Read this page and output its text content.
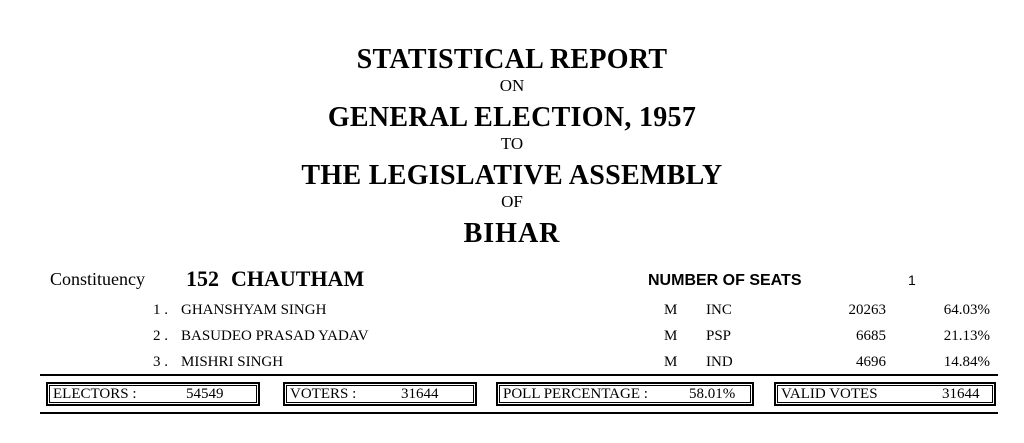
STATISTICAL REPORT
ON
GENERAL ELECTION, 1957
TO
THE LEGISLATIVE ASSEMBLY
OF
BIHAR
Constituency 152 CHAUTHAM	NUMBER OF SEATS	1
1 . GHANSHYAM SINGH	M INC	20263	64.03%
2 . BASUDEO PRASAD YADAV	M PSP	6685	21.13%
3 . MISHRI SINGH	M IND	4696	14.84%
ELECTORS :	54549	VOTERS :	31644	POLL PERCENTAGE :	58.01%	VALID VOTES	31644
